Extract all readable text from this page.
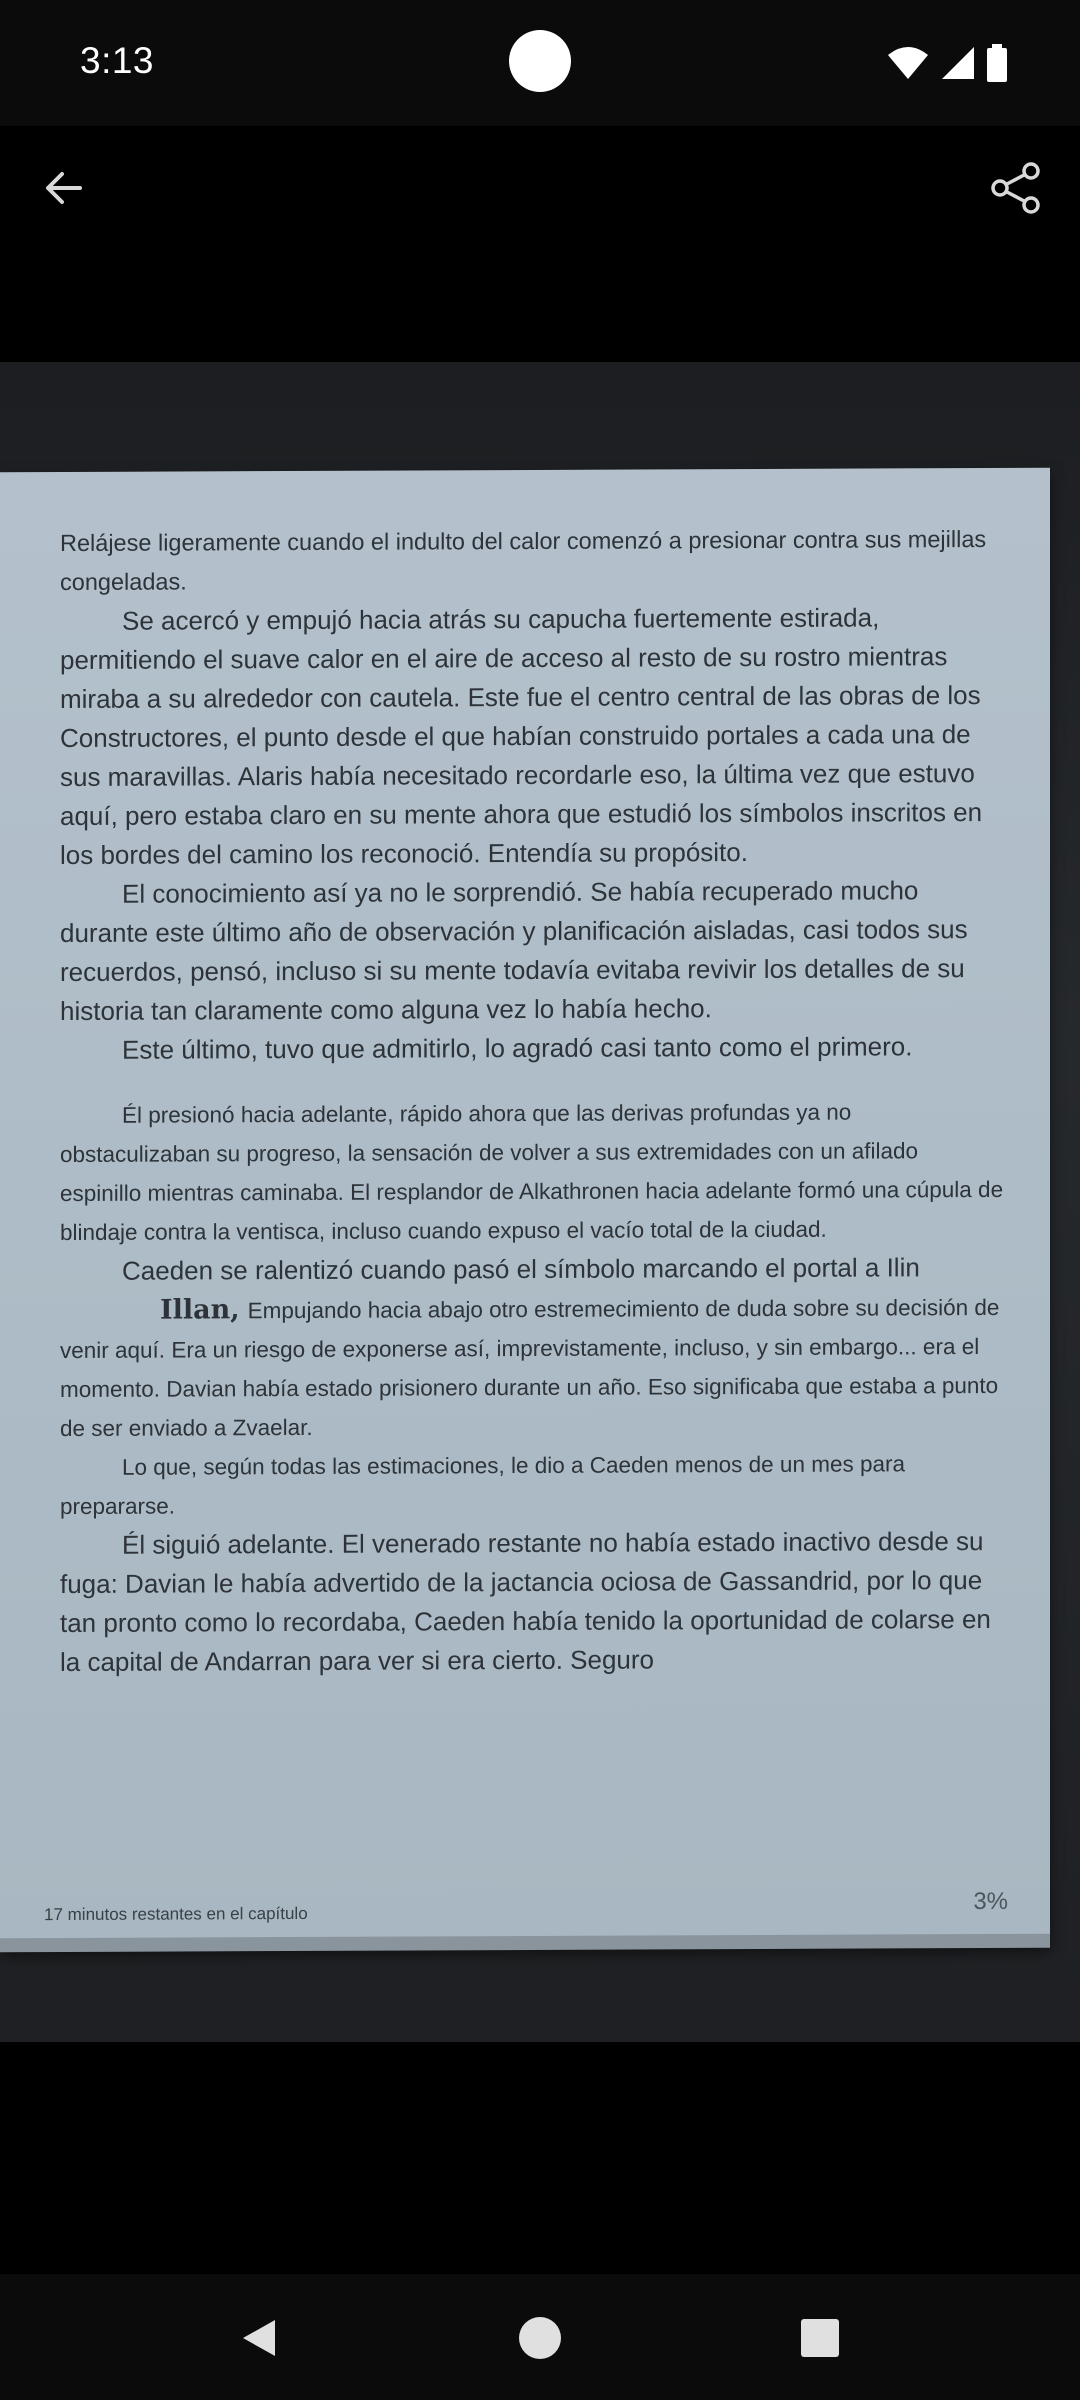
3:13

Relájese ligeramente cuando el indulto del calor comenzó a presionar contra sus mejillas congeladas.

Se acercó y empujó hacia atrás su capucha fuertemente estirada, permitiendo el suave calor en el aire de acceso al resto de su rostro mientras miraba a su alrededor con cautela. Este fue el centro central de las obras de los Constructores, el punto desde el que habían construido portales a cada una de sus maravillas. Alaris había necesitado recordarle eso, la última vez que estuvo aquí, pero estaba claro en su mente ahora que estudió los símbolos inscritos en los bordes del camino los reconoció. Entendía su propósito.

El conocimiento así ya no le sorprendió. Se había recuperado mucho durante este último año de observación y planificación aisladas, casi todos sus recuerdos, pensó, incluso si su mente todavía evitaba revivir los detalles de su historia tan claramente como alguna vez lo había hecho.

Este último, tuvo que admitirlo, lo agradó casi tanto como el primero.

Él presionó hacia adelante, rápido ahora que las derivas profundas ya no obstaculizaban su progreso, la sensación de volver a sus extremidades con un afilado espinillo mientras caminaba. El resplandor de Alkathronen hacia adelante formó una cúpula de blindaje contra la ventisca, incluso cuando expuso el vacío total de la ciudad.

Caeden se ralentizó cuando pasó el símbolo marcando el portal a Ilin

Illan, Empujando hacia abajo otro estremecimiento de duda sobre su decisión de venir aquí. Era un riesgo de exponerse así, imprevistamente, incluso, y sin embargo... era el momento. Davian había estado prisionero durante un año. Eso significaba que estaba a punto de ser enviado a Zvaelar.

Lo que, según todas las estimaciones, le dio a Caeden menos de un mes para prepararse.

Él siguió adelante. El venerado restante no había estado inactivo desde su fuga: Davian le había advertido de la jactancia ociosa de Gassandrid, por lo que tan pronto como lo recordaba, Caeden había tenido la oportunidad de colarse en la capital de Andarran para ver si era cierto. Seguro

17 minutos restantes en el capítulo	3%
